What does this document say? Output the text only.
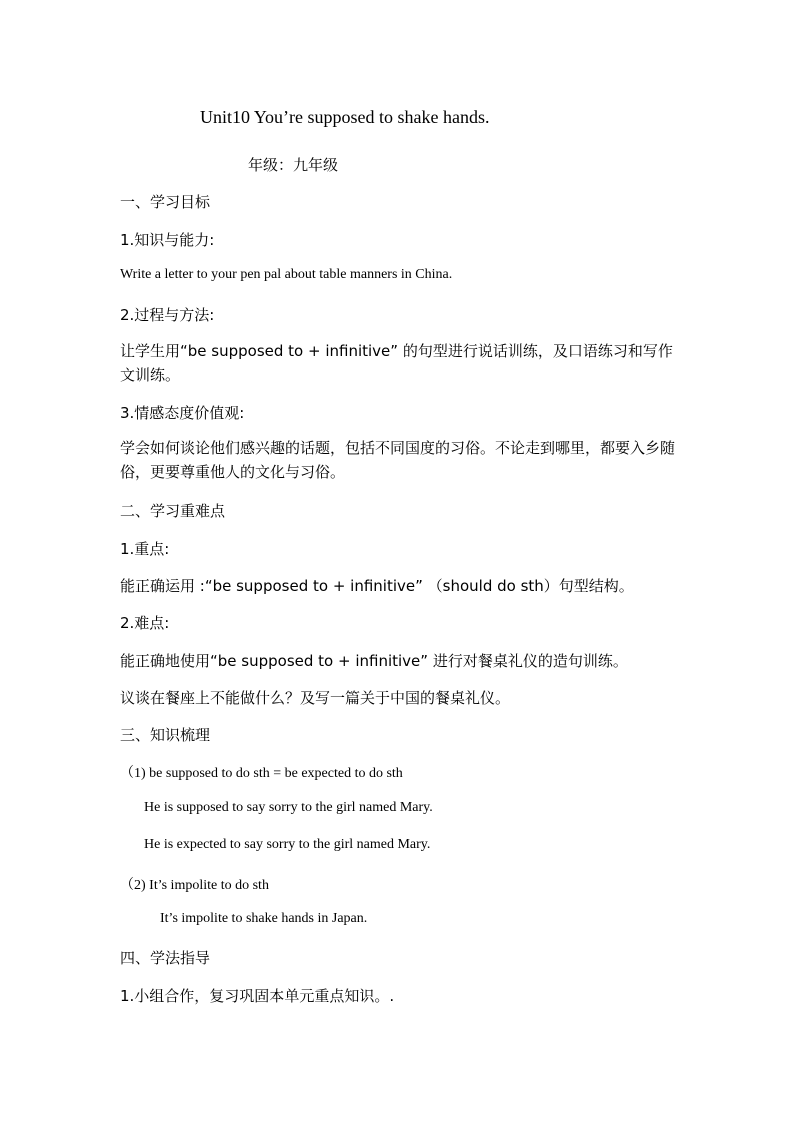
Unit10 You’re supposed to shake hands.
年级：九年级
一、学习目标
1.知识与能力:
Write a letter to your pen pal about table manners in China.
2.过程与方法:
让学生用“be supposed to + infinitive” 的句型进行说话训练，及口语练习和写作文训练。
3.情感态度价值观:
学会如何谈论他们感兴趣的话题，包括不同国度的习俗。不论走到哪里，都要入乡随俗，更要尊重他人的文化与习俗。
二、学习重难点
1.重点:
能正确运用 :“be supposed to + infinitive” （should do sth）句型结构。
2.难点:
能正确地使用“be supposed to + infinitive” 进行对餐桌礼仪的造句训练。
议谈在餐座上不能做什么？及写一篇关于中国的餐桌礼仪。
三、知识梳理
（1) be supposed to do sth = be expected to do sth
He is supposed to say sorry to the girl named Mary.
He is expected to say sorry to the girl named Mary.
（2) It’s impolite to do sth
It’s impolite to shake hands in Japan.
四、学法指导
1.小组合作，复习巩固本单元重点知识。.
